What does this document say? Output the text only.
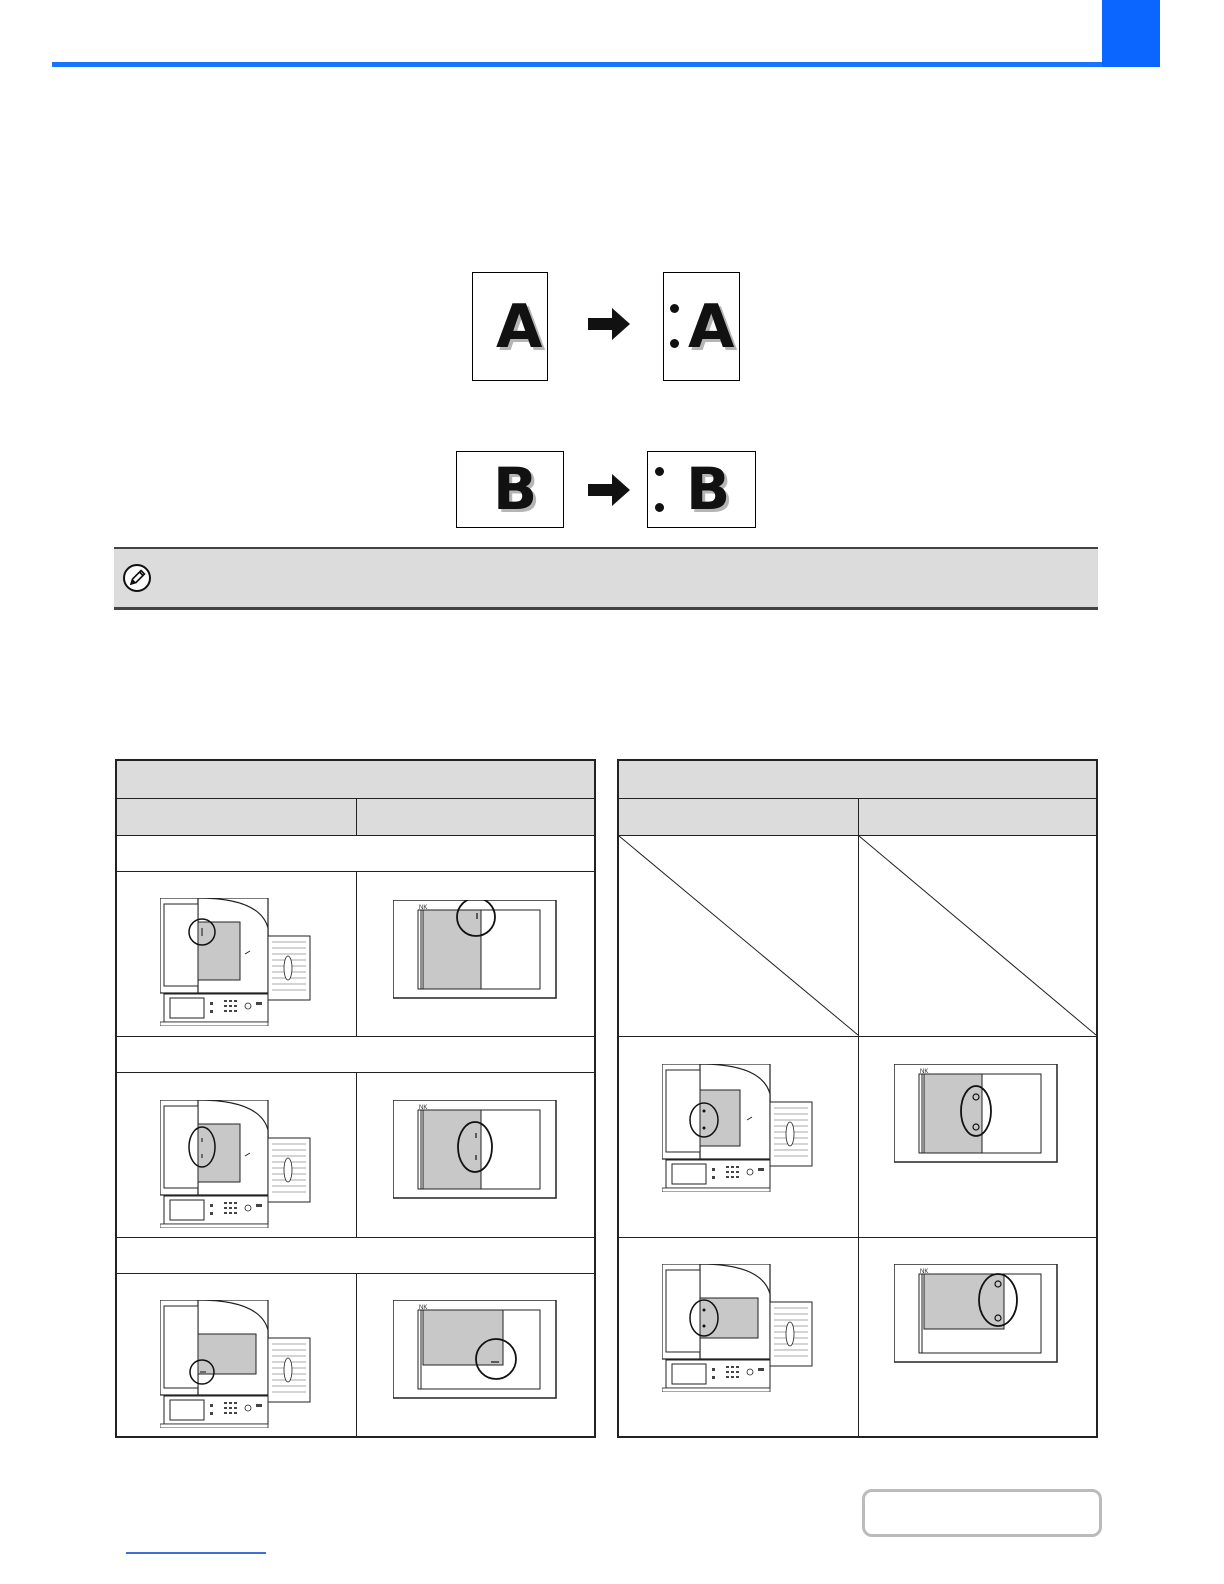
A A
B	B
